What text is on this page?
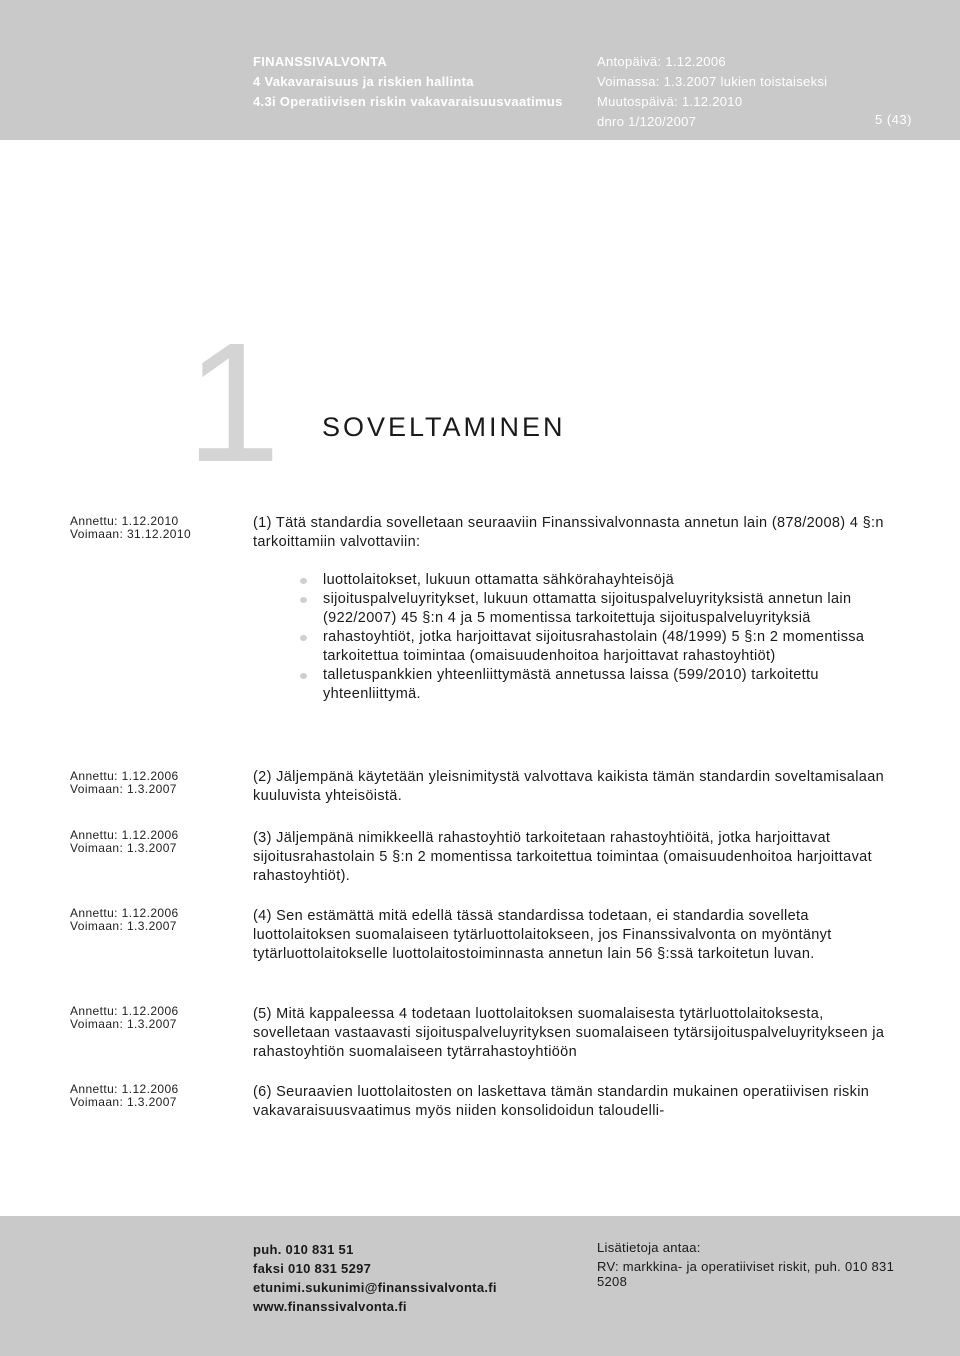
FINANSSIVALVONTA
4 Vakavaraisuus ja riskien hallinta
4.3i Operatiivisen riskin vakavaraisuusvaatimus
Antopäivä: 1.12.2006
Voimassa: 1.3.2007 lukien toistaiseksi
Muutospäivä: 1.12.2010
dnro 1/120/2007	5 (43)
1 SOVELTAMINEN
Annettu: 1.12.2010
Voimaan: 31.12.2010
Annettu: 1.12.2006
Voimaan: 1.3.2007
Annettu: 1.12.2006
Voimaan: 1.3.2007
Annettu: 1.12.2006
Voimaan: 1.3.2007
Annettu: 1.12.2006
Voimaan: 1.3.2007
Annettu: 1.12.2006
Voimaan: 1.3.2007
(1) Tätä standardia sovelletaan seuraaviin Finanssivalvonnasta annetun lain (878/2008) 4 §:n tarkoittamiin valvottaviin:
luottolaitokset, lukuun ottamatta sähkörahayhteisöjä
sijoituspalveluyritykset, lukuun ottamatta sijoituspalveluyrityksistä annetun lain (922/2007) 45 §:n 4 ja 5 momentissa tarkoitettuja sijoituspalveluyrityksiä
rahastoyhtiöt, jotka harjoittavat sijoitusrahastolain (48/1999) 5 §:n 2 momentissa tarkoitettua toimintaa (omaisuudenhoitoa harjoittavat rahastoyhtiöt)
talletuspankkien yhteenliittymästä annetussa laissa (599/2010) tarkoitettu yhteenliittymä.
(2) Jäljempänä käytetään yleisnimitystä valvottava kaikista tämän standardin soveltamisalaan kuuluvista yhteisöistä.
(3) Jäljempänä nimikkeellä rahastoyhtiö tarkoitetaan rahastoyhtiöitä, jotka harjoittavat sijoitusrahastolain 5 §:n 2 momentissa tarkoitettua toimintaa (omaisuudenhoitoa harjoittavat rahastoyhtiöt).
(4) Sen estämättä mitä edellä tässä standardissa todetaan, ei standardia sovelleta luottolaitoksen suomalaiseen tytärluottolaitokseen, jos Finanssivalvonta on myöntänyt tytärluottolaitokselle luottolaitostoiminnasta annetun lain 56 §:ssä tarkoitetun luvan.
(5) Mitä kappaleessa 4 todetaan luottolaitoksen suomalaisesta tytärluottolaitoksesta, sovelletaan vastaavasti sijoituspalveluyrityksen suomalaiseen tytärsijoituspalveluyritykseen ja rahastoyhtiön suomalaiseen tytärrahastoyhtiöön
(6) Seuraavien luottolaitosten on laskettava tämän standardin mukainen operatiivisen riskin vakavaraisuusvaatimus myös niiden konsolidoidun taloudelli-
puh. 010 831 51
faksi 010 831 5297
etunimi.sukunimi@finanssivalvonta.fi
www.finanssivalvonta.fi
Lisätietoja antaa:
RV: markkina- ja operatiiviset riskit, puh. 010 831 5208
